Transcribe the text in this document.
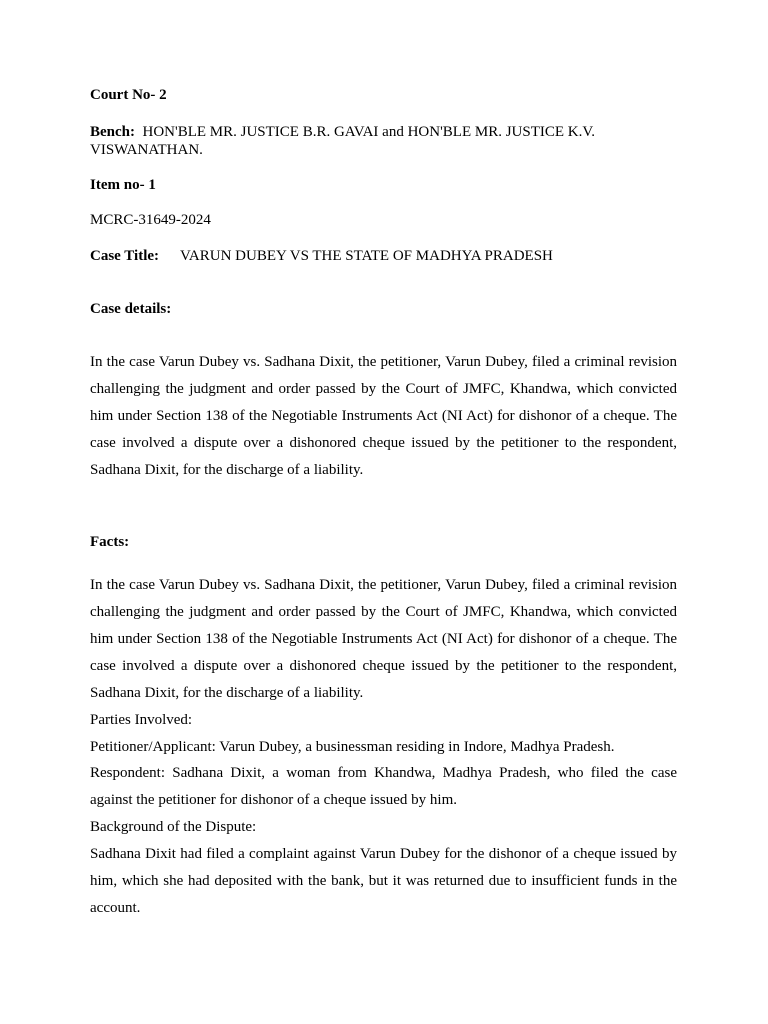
Court No- 2
Bench: HON'BLE MR. JUSTICE B.R. GAVAI and HON'BLE MR. JUSTICE K.V. VISWANATHAN.
Item no- 1
MCRC-31649-2024
Case Title: VARUN DUBEY VS THE STATE OF MADHYA PRADESH
Case details:
In the case Varun Dubey vs. Sadhana Dixit, the petitioner, Varun Dubey, filed a criminal revision challenging the judgment and order passed by the Court of JMFC, Khandwa, which convicted him under Section 138 of the Negotiable Instruments Act (NI Act) for dishonor of a cheque. The case involved a dispute over a dishonored cheque issued by the petitioner to the respondent, Sadhana Dixit, for the discharge of a liability.
Facts:
In the case Varun Dubey vs. Sadhana Dixit, the petitioner, Varun Dubey, filed a criminal revision challenging the judgment and order passed by the Court of JMFC, Khandwa, which convicted him under Section 138 of the Negotiable Instruments Act (NI Act) for dishonor of a cheque. The case involved a dispute over a dishonored cheque issued by the petitioner to the respondent, Sadhana Dixit, for the discharge of a liability.
Parties Involved:
Petitioner/Applicant: Varun Dubey, a businessman residing in Indore, Madhya Pradesh.
Respondent: Sadhana Dixit, a woman from Khandwa, Madhya Pradesh, who filed the case against the petitioner for dishonor of a cheque issued by him.
Background of the Dispute:
Sadhana Dixit had filed a complaint against Varun Dubey for the dishonor of a cheque issued by him, which she had deposited with the bank, but it was returned due to insufficient funds in the account.
